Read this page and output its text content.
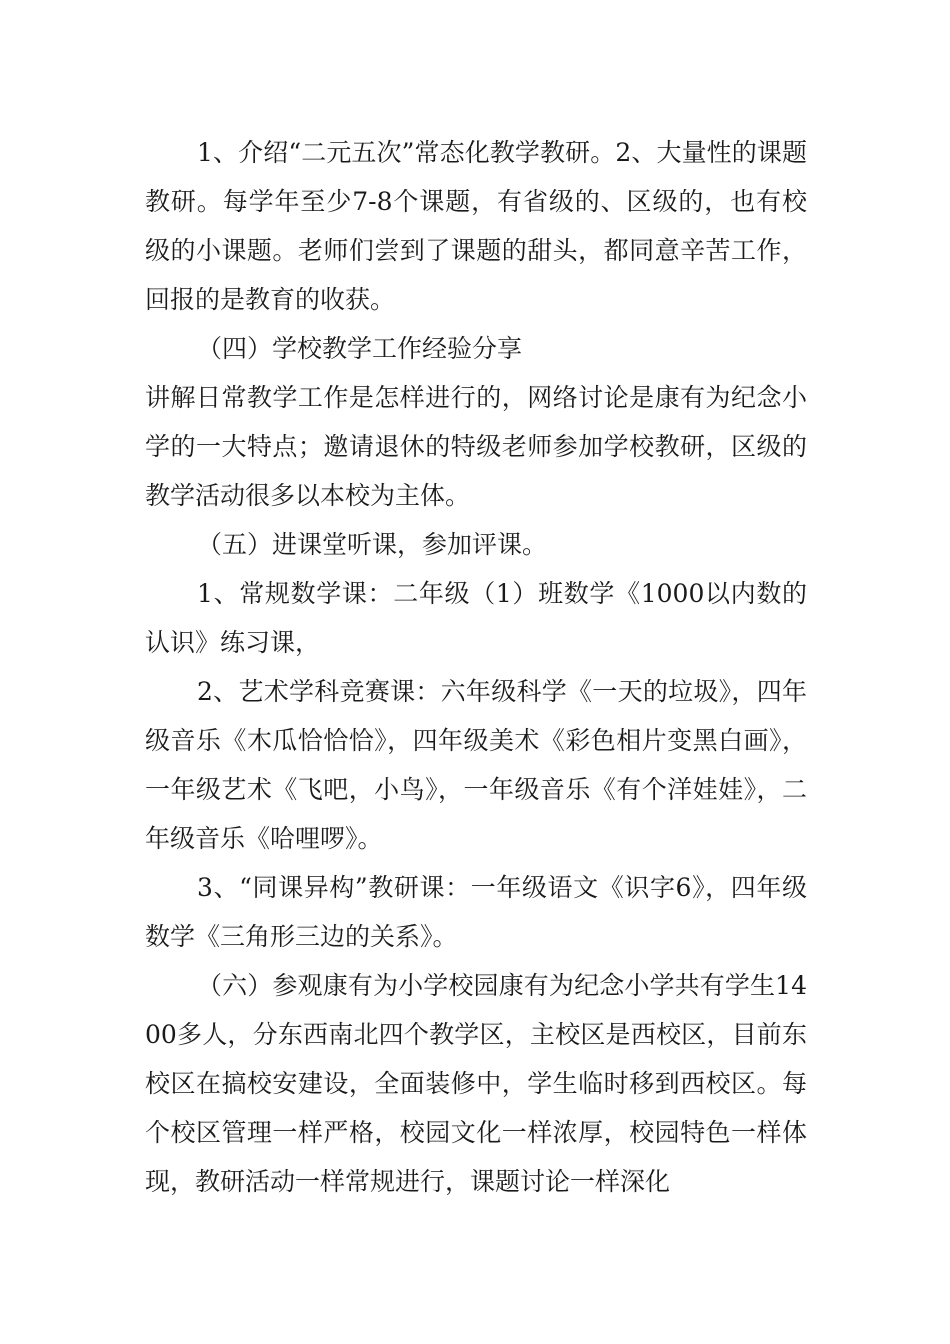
1、介绍“二元五次”常态化教学教研。2、大量性的课题教研。每学年至少7-8个课题，有省级的、区级的，也有校级的小课题。老师们尝到了课题的甜头，都同意辛苦工作，回报的是教育的收获。

（四）学校教学工作经验分享

讲解日常教学工作是怎样进行的，网络讨论是康有为纪念小学的一大特点；邀请退休的特级老师参加学校教研，区级的教学活动很多以本校为主体。

（五）进课堂听课，参加评课。

1、常规数学课：二年级（1）班数学《1000以内数的认识》练习课，

2、艺术学科竞赛课：六年级科学《一天的垃圾》，四年级音乐《木瓜恰恰恰》，四年级美术《彩色相片变黑白画》，一年级艺术《飞吧，小鸟》，一年级音乐《有个洋娃娃》，二年级音乐《哈哩啰》。

3、“同课异构”教研课：一年级语文《识字6》，四年级数学《三角形三边的关系》。

（六）参观康有为小学校园康有为纪念小学共有学生1400多人，分东西南北四个教学区，主校区是西校区，目前东校区在搞校安建设，全面装修中，学生临时移到西校区。每个校区管理一样严格，校园文化一样浓厚，校园特色一样体现，教研活动一样常规进行，课题讨论一样深化
